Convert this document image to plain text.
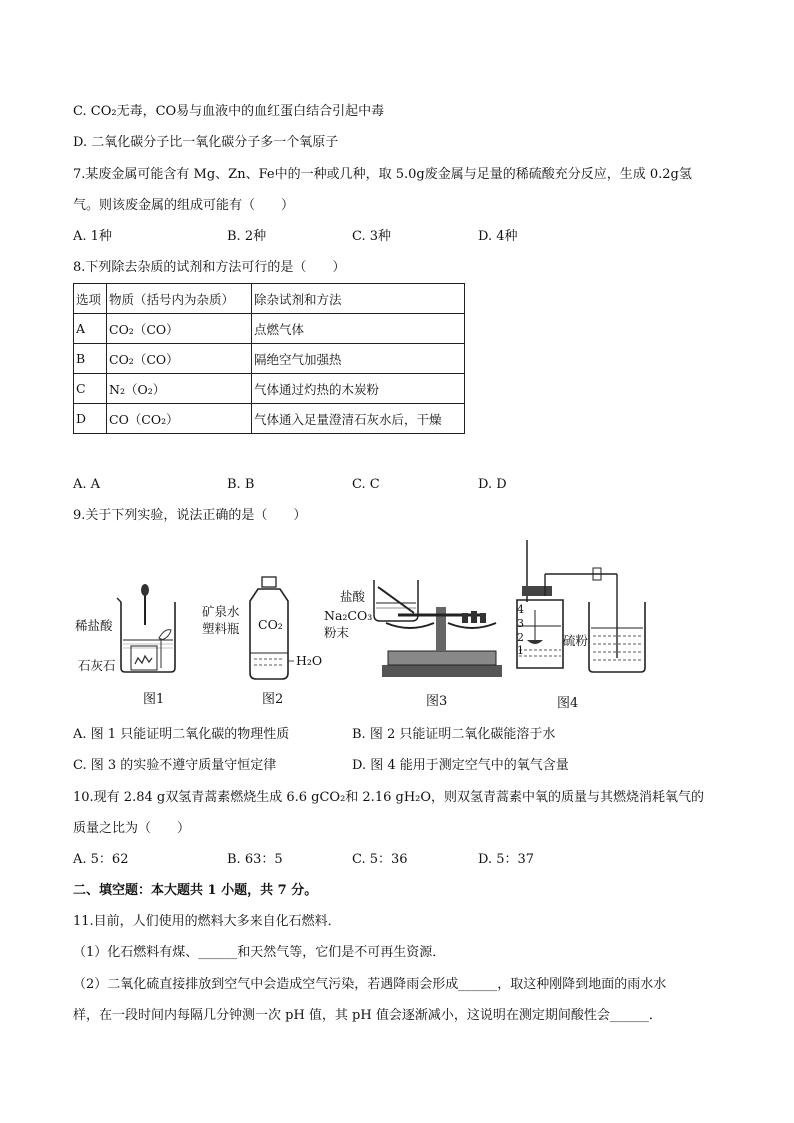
C. CO₂无毒，CO易与血液中的血红蛋白结合引起中毒
D. 二氧化碳分子比一氧化碳分子多一个氧原子
7.某废金属可能含有 Mg、Zn、Fe中的一种或几种，取 5.0g废金属与足量的稀硫酸充分反应，生成 0.2g氢
气。则该废金属的组成可能有（　　）
A. 1种	B. 2种	C. 3种	D. 4种
8.下列除去杂质的试剂和方法可行的是（　　）
选项	物质（括号内为杂质）	除杂试剂和方法
A	CO₂（CO）	点燃气体
B	CO₂（CO）	隔绝空气加强热
C	N₂（O₂）	气体通过灼热的木炭粉
D	CO（CO₂）	气体通入足量澄清石灰水后，干燥
A. A	B. B	C. C	D. D
9.关于下列实验，说法正确的是（　　）
稀盐酸
石灰石
图1
矿泉水
塑料瓶 CO₂
H₂O
图2
盐酸
Na₂CO₃
粉末
图3
4
3
2
1
硫粉
图4
A. 图 1 只能证明二氧化碳的物理性质	B. 图 2 只能证明二氧化碳能溶于水
C. 图 3 的实验不遵守质量守恒定律	D. 图 4 能用于测定空气中的氧气含量
10.现有 2.84 g双氢青蒿素燃烧生成 6.6 gCO₂和 2.16 gH₂O，则双氢青蒿素中氧的质量与其燃烧消耗氧气的
质量之比为（　　）
A. 5：62	B. 63：5	C. 5：36	D. 5：37
二、填空题：本大题共 1 小题，共 7 分。
11.目前，人们使用的燃料大多来自化石燃料．
（1）化石燃料有煤、______和天然气等，它们是不可再生资源．
（2）二氧化硫直接排放到空气中会造成空气污染，若遇降雨会形成______，取这种刚降到地面的雨水水
样，在一段时间内每隔几分钟测一次 pH 值，其 pH 值会逐渐减小，这说明在测定期间酸性会______．
